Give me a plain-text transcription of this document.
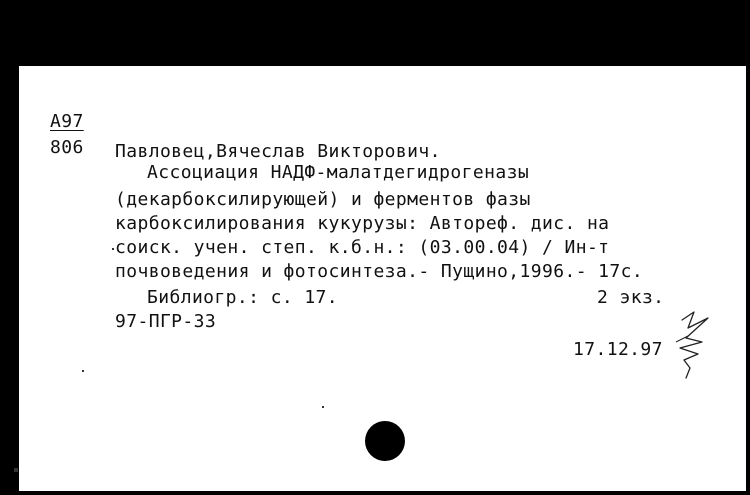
А97
806 Павловец,Вячеслав Викторович.
Ассоциация НАДФ-малатдегидрогеназы
(декарбоксилирующей) и ферментов фазы
карбоксилирования кукурузы: Автореф. дис. на
соиск. учен. степ. к.б.н.: (03.00.04) / Ин-т
почвоведения и фотосинтеза.- Пущино,1996.- 17с.
Библиогр.: с. 17.	2 экз.
97-ПГР-33
17.12.97
